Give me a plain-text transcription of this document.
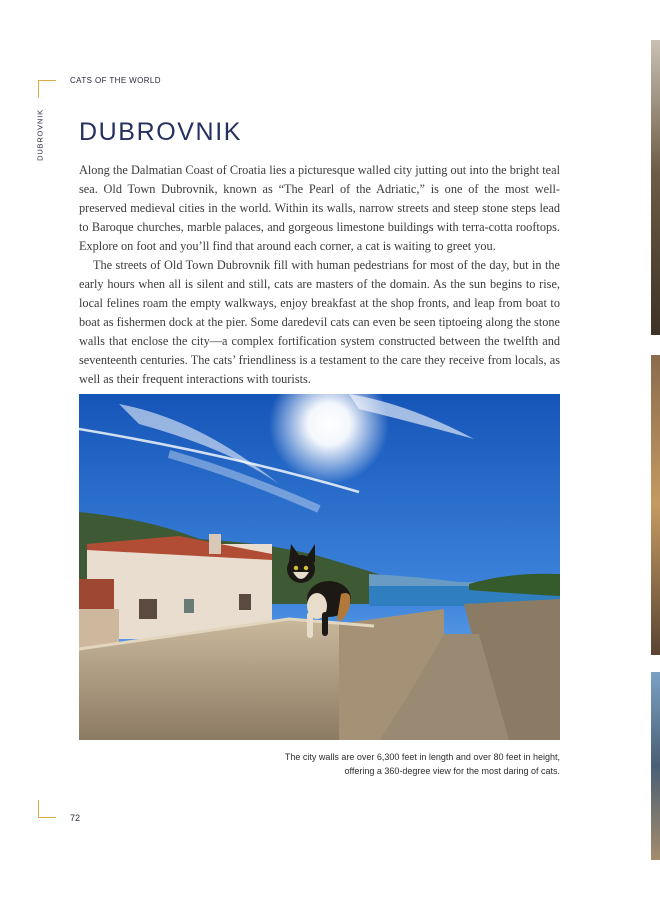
CATS OF THE WORLD
DUBROVNIK DUBROVNIK

Along the Dalmatian Coast of Croatia lies a picturesque walled city jutting out into the bright teal sea. Old Town Dubrovnik, known as “The Pearl of the Adriatic,” is one of the most well-preserved medieval cities in the world. Within its walls, narrow streets and steep stone steps lead to Baroque churches, marble palaces, and gorgeous limestone buildings with terra-cotta rooftops. Explore on foot and you’ll find that around each corner, a cat is waiting to greet you.

The streets of Old Town Dubrovnik fill with human pedestrians for most of the day, but in the early hours when all is silent and still, cats are masters of the domain. As the sun begins to rise, local felines roam the empty walkways, enjoy breakfast at the shop fronts, and leap from boat to boat as fishermen dock at the pier. Some daredevil cats can even be seen tiptoeing along the stone walls that enclose the city—a complex fortification system constructed between the twelfth and seventeenth centuries. The cats’ friendliness is a testament to the care they receive from locals, as well as their frequent interactions with tourists.

The city walls are over 6,300 feet in length and over 80 feet in height,
offering a 360-degree view for the most daring of cats.
72
